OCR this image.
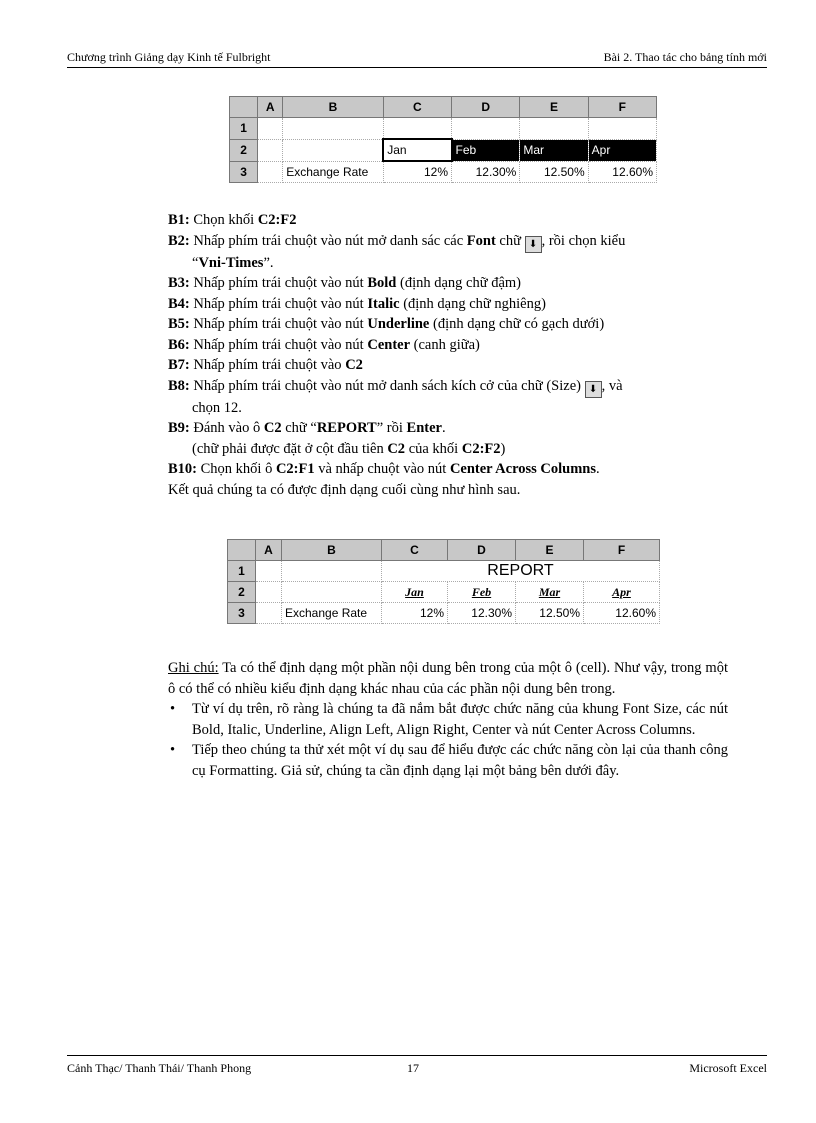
Chương trình Giảng dạy Kinh tế Fulbright	Bài 2. Thao tác cho bảng tính mới
	A	B	C	D	E	F
1						
2			Jan	Feb	Mar	Apr
3		Exchange Rate	12%	12.30%	12.50%	12.60%

B1: Chọn khối C2:F2

B2: Nhấp phím trái chuột vào nút mở danh sác các Font chữ ⬇ , rồi chọn kiểu

“Vni-Times”.

B3: Nhấp phím trái chuột vào nút Bold (định dạng chữ đậm)

B4: Nhấp phím trái chuột vào nút Italic (định dạng chữ nghiêng)

B5: Nhấp phím trái chuột vào nút Underline (định dạng chữ có gạch dưới)

B6: Nhấp phím trái chuột vào nút Center (canh giữa)

B7: Nhấp phím trái chuột vào C2

B8: Nhấp phím trái chuột vào nút mở danh sách kích cở của chữ (Size) ⬇ , và

chọn 12.

B9: Đánh vào ô C2 chữ “REPORT” rồi Enter.

(chữ phải được đặt ở cột đầu tiên C2 của khối C2:F2)

B10: Chọn khối ô C2:F1 và nhấp chuột vào nút Center Across Columns.

Kết quả chúng ta có được định dạng cuối cùng như hình sau.

	A	B	C	D	E	F
1			REPORT			
2			Jan	Feb	Mar	Apr
3		Exchange Rate	12%	12.30%	12.50%	12.60%

Ghi chú: Ta có thể định dạng một phần nội dung bên trong của một ô (cell). Như vậy, trong một ô có thể có nhiều kiểu định dạng khác nhau của các phần nội dung bên trong.

• Từ ví dụ trên, rõ ràng là chúng ta đã nắm bắt được chức năng của khung Font Size, các nút Bold, Italic, Underline, Align Left, Align Right, Center và nút Center Across Columns.

• Tiếp theo chúng ta thử xét một ví dụ sau để hiểu được các chức năng còn lại của thanh công cụ Formatting. Giả sử, chúng ta cần định dạng lại một bảng bên dưới đây.

Cảnh Thạc/ Thanh Thái/ Thanh Phong	17	Microsoft Excel
